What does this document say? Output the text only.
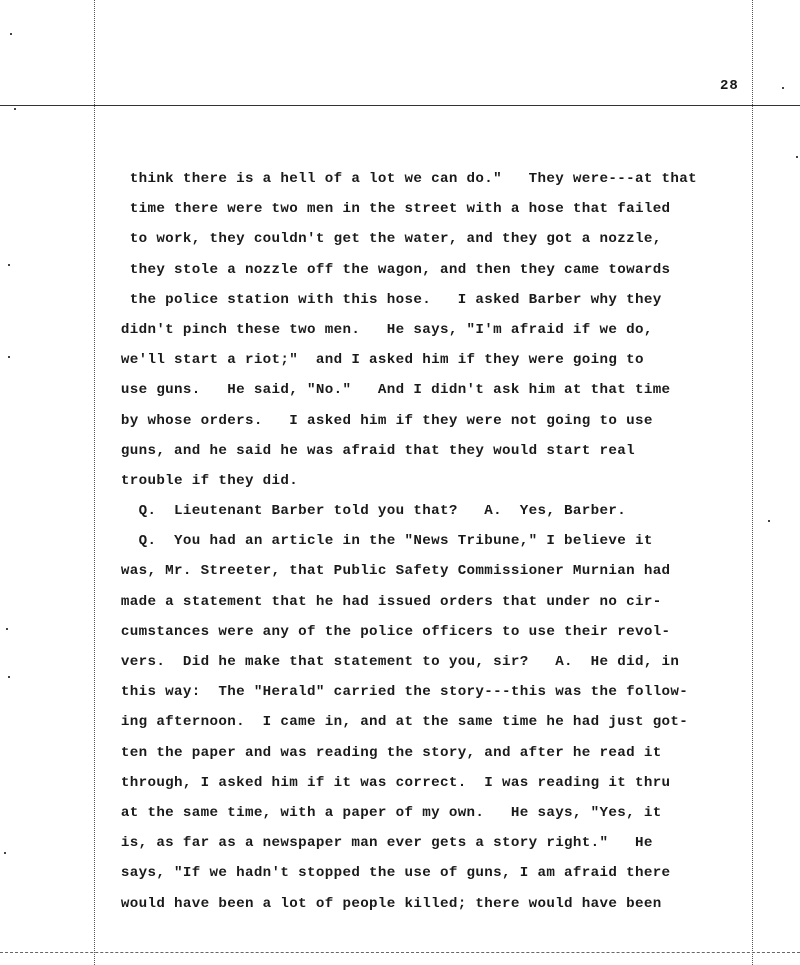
28
think there is a hell of a lot we can do."   They were---at that
time there were two men in the street with a hose that failed
to work, they couldn't get the water, and they got a nozzle,
they stole a nozzle off the wagon, and then they came towards
the police station with this hose.   I asked Barber why they
didn't pinch these two men.   He says, "I'm afraid if we do,
we'll start a riot;"  and I asked him if they were going to
use guns.   He said, "No."   And I didn't ask him at that time
by whose orders.   I asked him if they were not going to use
guns, and he said he was afraid that they would start real
trouble if they did.
Q.  Lieutenant Barber told you that?   A.  Yes, Barber.
Q.  You had an article in the "News Tribune," I believe it
was, Mr. Streeter, that Public Safety Commissioner Murnian had
made a statement that he had issued orders that under no cir-
cumstances were any of the police officers to use their revol-
vers.  Did he make that statement to you, sir?   A.  He did, in
this way:  The "Herald" carried the story---this was the follow-
ing afternoon.  I came in, and at the same time he had just got-
ten the paper and was reading the story, and after he read it
through, I asked him if it was correct.  I was reading it thru
at the same time, with a paper of my own.   He says, "Yes, it
is, as far as a newspaper man ever gets a story right."   He
says, "If we hadn't stopped the use of guns, I am afraid there
would have been a lot of people killed; there would have been
